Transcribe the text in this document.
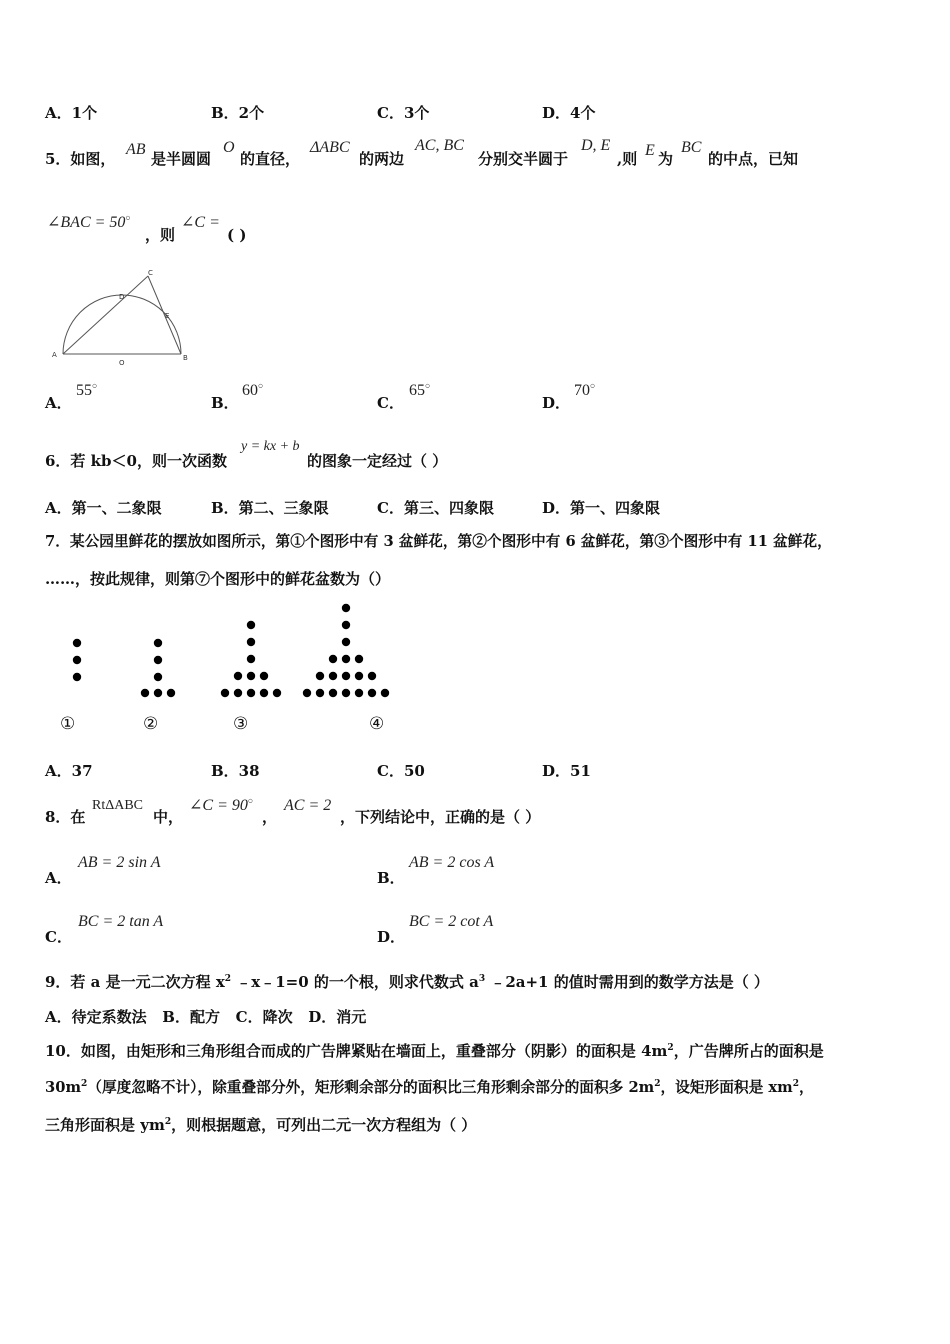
A．1个	B．2个	C．3个	D．4个
5．如图，
AB
是半圆圆
O
的直径，
ΔABC
的两边
AC, BC
分别交半圆于
D, E
,则 E 为
BC
的中点，已知
∠BAC = 50○
，则
∠C =
( )
A	B
C
D
E
O
A．
55○
B．
60○
C．
65○
D．
70○
6．若 kb＜0，则一次函数
y = kx + b
的图象一定经过（ ）
A．第一、二象限	B．第二、三象限	C．第三、四象限	D．第一、四象限
7．某公园里鲜花的摆放如图所示，第①个图形中有 3 盆鲜花，第②个图形中有 6 盆鲜花，第③个图形中有 11 盆鲜花，
……，按此规律，则第⑦个图形中的鲜花盆数为（）
①	②	③	④
A．37	B．38	C．50	D．51
8．在
RtΔABC
中，
∠C = 90○
，
AC = 2
，下列结论中，正确的是（ ）
A．
AB = 2 sin A
B．
AB = 2 cos A
C．
BC = 2 tan A
D．
BC = 2 cot A
9．若 a 是一元二次方程 $x^2$ ﹣x﹣1=0 的一个根，则求代数式 $a^3$ ﹣2a+1 的值时需用到的数学方法是（ ）
A．待定系数法   B．配方   C．降次   D．消元
10．如图，由矩形和三角形组合而成的广告牌紧贴在墙面上，重叠部分（阴影）的面积是 $4m^2$，广告牌所占的面积是
$30m^2$（厚度忽略不计），除重叠部分外，矩形剩余部分的面积比三角形剩余部分的面积多 $2m^2$，设矩形面积是 $xm^2$，
三角形面积是 $ym^2$，则根据题意，可列出二元一次方程组为（ ）
